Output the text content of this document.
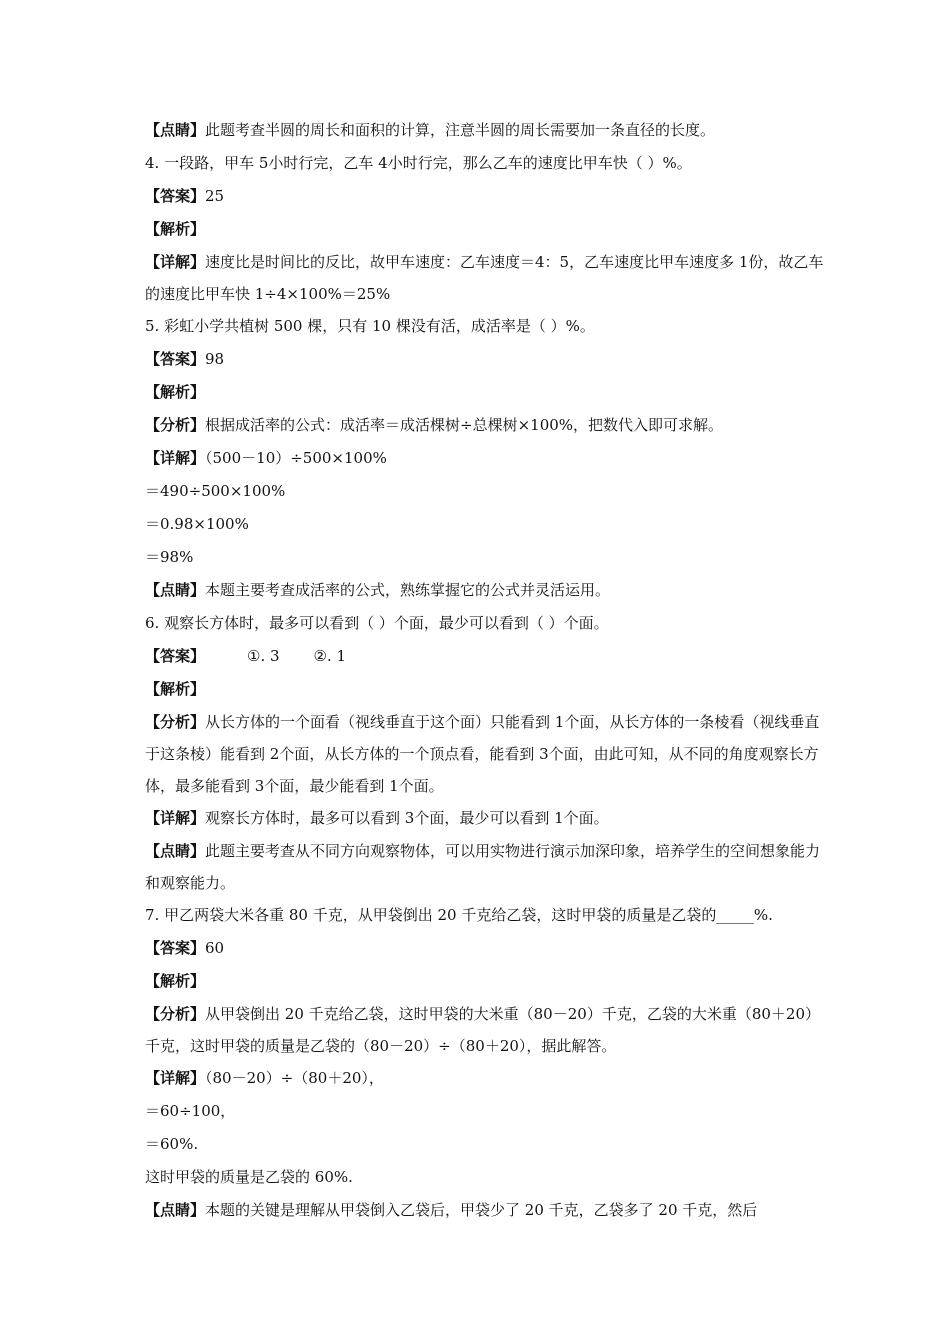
【点睛】此题考查半圆的周长和面积的计算，注意半圆的周长需要加一条直径的长度。
4. 一段路，甲车 5小时行完，乙车 4小时行完，那么乙车的速度比甲车快（ ）%。
【答案】25
【解析】
【详解】速度比是时间比的反比，故甲车速度：乙车速度＝4：5，乙车速度比甲车速度多 1份，故乙车的速度比甲车快 1÷4×100%＝25%
5. 彩虹小学共植树 500 棵，只有 10 棵没有活，成活率是（ ）%。
【答案】98
【解析】
【分析】根据成活率的公式：成活率＝成活棵树÷总棵树×100%，把数代入即可求解。
【详解】（500－10）÷500×100%
＝490÷500×100%
＝0.98×100%
＝98%
【点睛】本题主要考查成活率的公式，熟练掌握它的公式并灵活运用。
6. 观察长方体时，最多可以看到（ ）个面，最少可以看到（ ）个面。
【答案】	①. 3 ②. 1
【解析】
【分析】从长方体的一个面看（视线垂直于这个面）只能看到 1个面，从长方体的一条棱看（视线垂直于这条棱）能看到 2个面，从长方体的一个顶点看，能看到 3个面，由此可知，从不同的角度观察长方体，最多能看到 3个面，最少能看到 1个面。
【详解】观察长方体时，最多可以看到 3个面，最少可以看到 1个面。
【点睛】此题主要考查从不同方向观察物体，可以用实物进行演示加深印象，培养学生的空间想象能力和观察能力。
7. 甲乙两袋大米各重 80 千克，从甲袋倒出 20 千克给乙袋，这时甲袋的质量是乙袋的_____%.
【答案】60
【解析】
【分析】从甲袋倒出 20 千克给乙袋，这时甲袋的大米重（80－20）千克，乙袋的大米重（80＋20）千克，这时甲袋的质量是乙袋的（80－20）÷（80＋20），据此解答。
【详解】（80－20）÷（80＋20），
＝60÷100，
＝60%.
这时甲袋的质量是乙袋的 60%.
【点睛】本题的关键是理解从甲袋倒入乙袋后，甲袋少了 20 千克，乙袋多了 20 千克，然后
